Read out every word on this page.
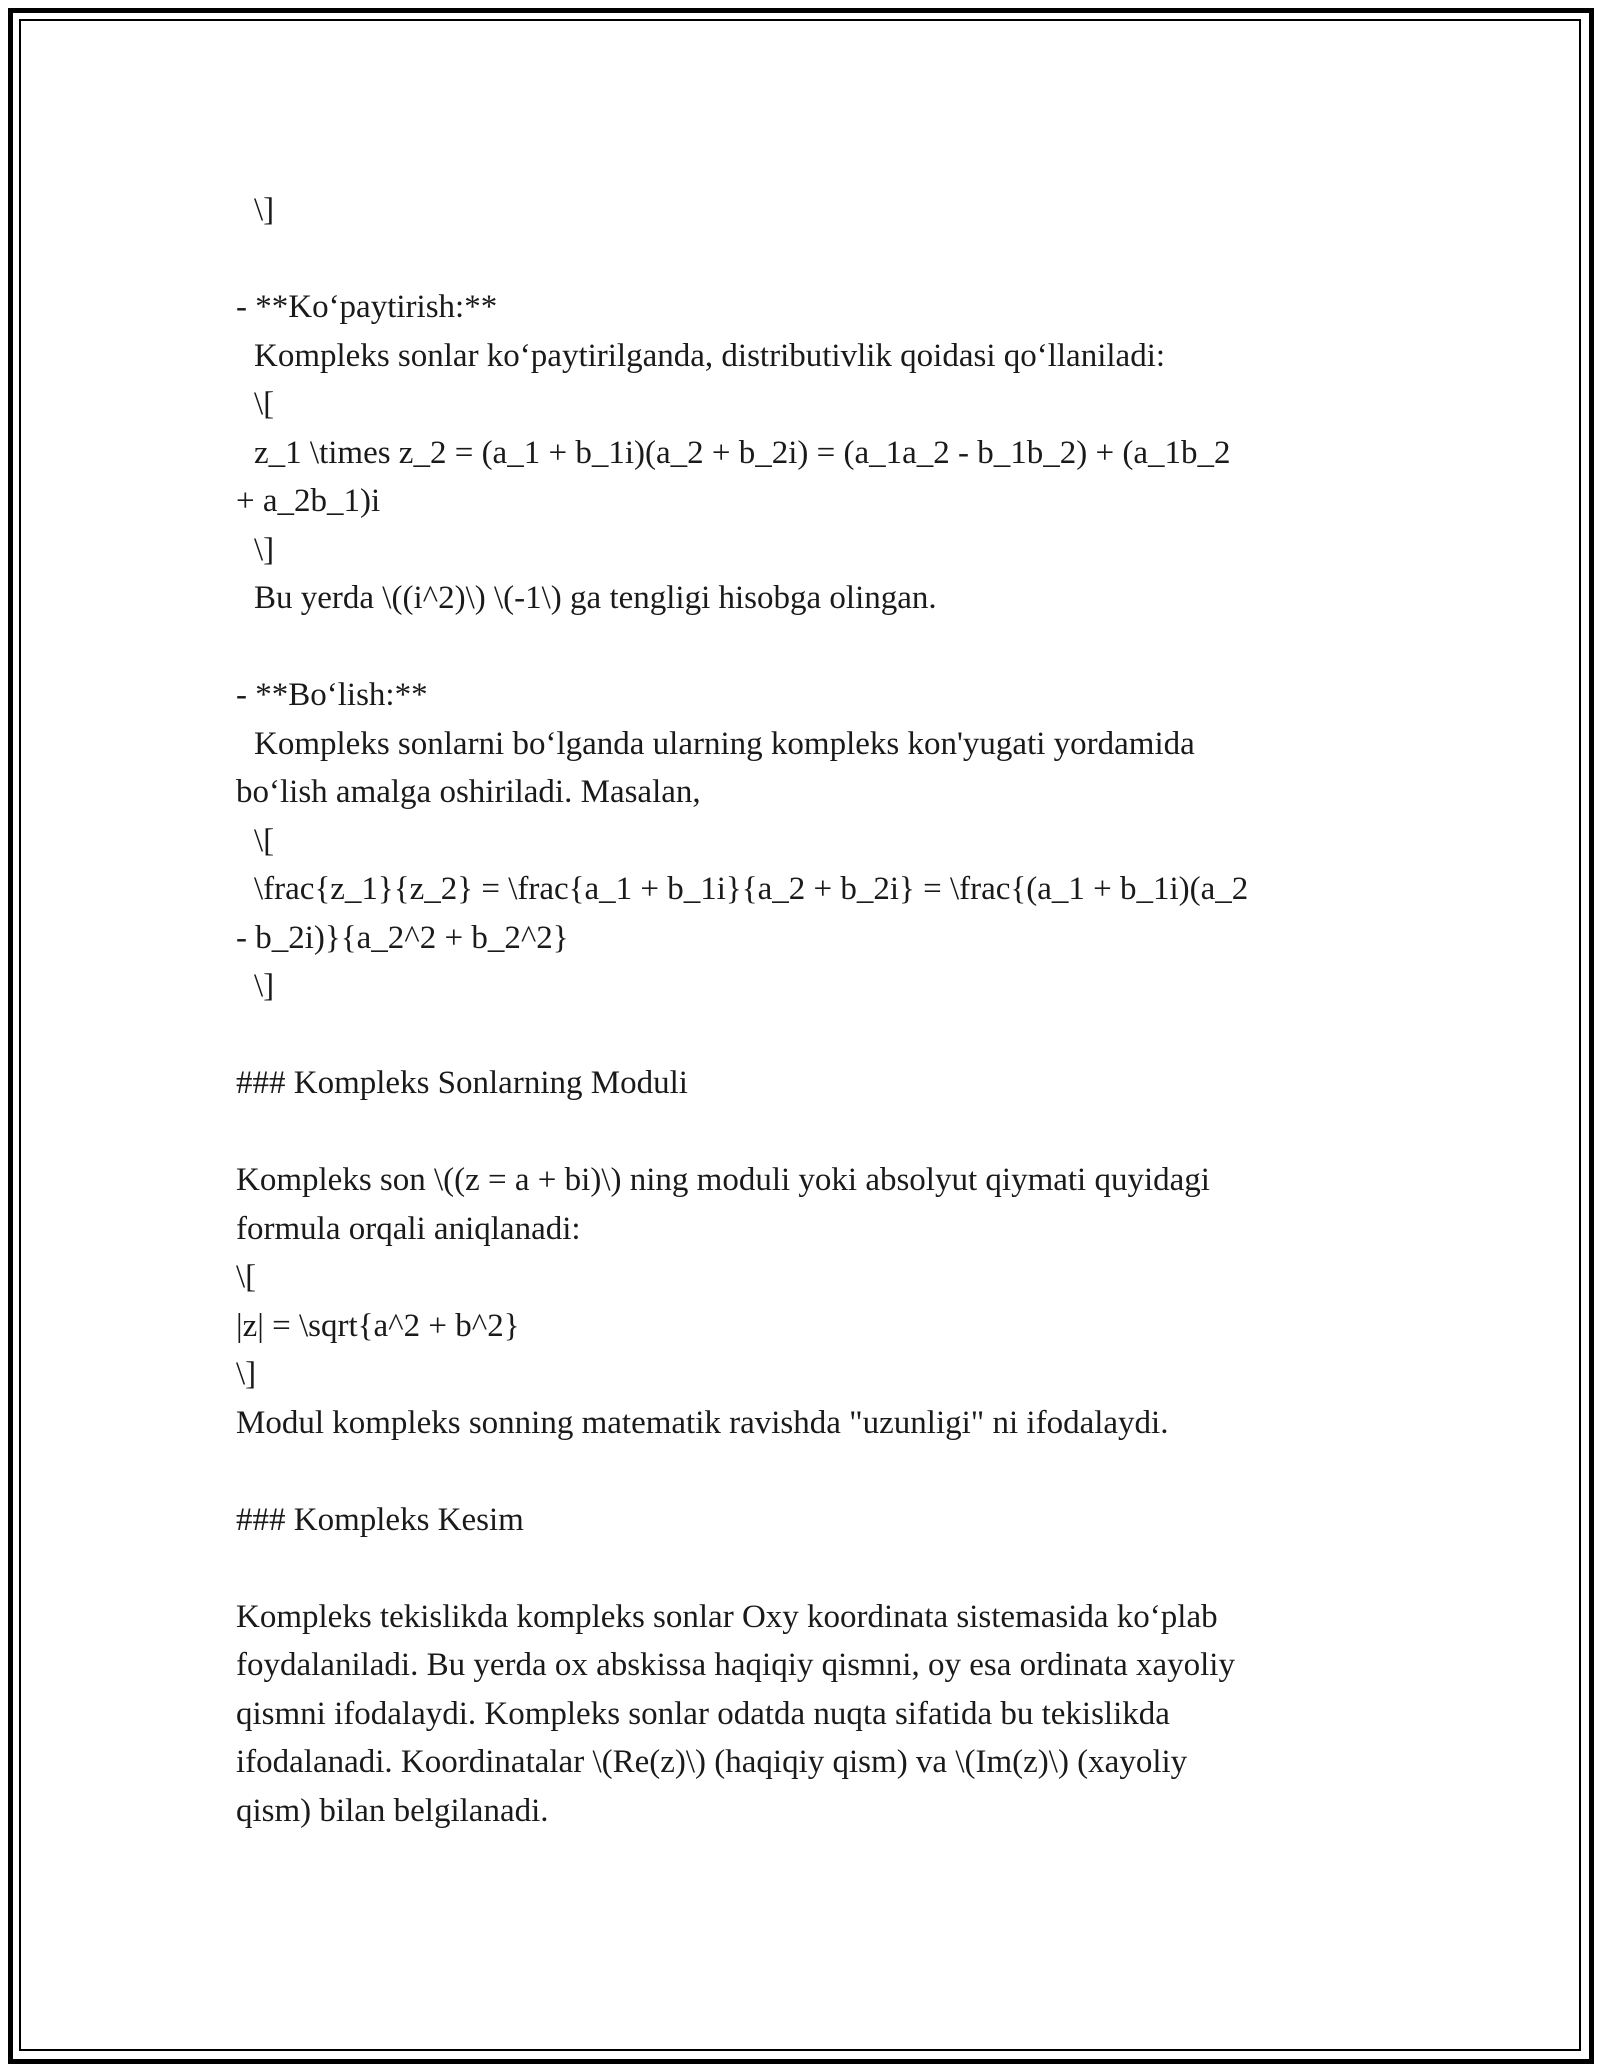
\]
- **Ko‘paytirish:**
Kompleks sonlar ko‘paytirilganda, distributivlik qoidasi qo‘llaniladi:
\[
z_1 \times z_2 = (a_1 + b_1i)(a_2 + b_2i) = (a_1a_2 - b_1b_2) + (a_1b_2
+ a_2b_1)i
\]
Bu yerda \((i^2)\) \(-1\) ga tengligi hisobga olingan.
- **Bo‘lish:**
Kompleks sonlarni bo‘lganda ularning kompleks kon'yugati yordamida
bo‘lish amalga oshiriladi. Masalan,
\[
\frac{z_1}{z_2} = \frac{a_1 + b_1i}{a_2 + b_2i} = \frac{(a_1 + b_1i)(a_2
- b_2i)}{a_2^2 + b_2^2}
\]
### Kompleks Sonlarning Moduli
Kompleks son \((z = a + bi)\) ning moduli yoki absolyut qiymati quyidagi
formula orqali aniqlanadi:
\[
|z| = \sqrt{a^2 + b^2}
\]
Modul kompleks sonning matematik ravishda "uzunligi" ni ifodalaydi.
### Kompleks Kesim
Kompleks tekislikda kompleks sonlar Oxy koordinata sistemasida ko‘plab
foydalaniladi. Bu yerda ox abskissa haqiqiy qismni, oy esa ordinata xayoliy
qismni ifodalaydi. Kompleks sonlar odatda nuqta sifatida bu tekislikda
ifodalanadi. Koordinatalar \(Re(z)\) (haqiqiy qism) va \(Im(z)\) (xayoliy
qism) bilan belgilanadi.
